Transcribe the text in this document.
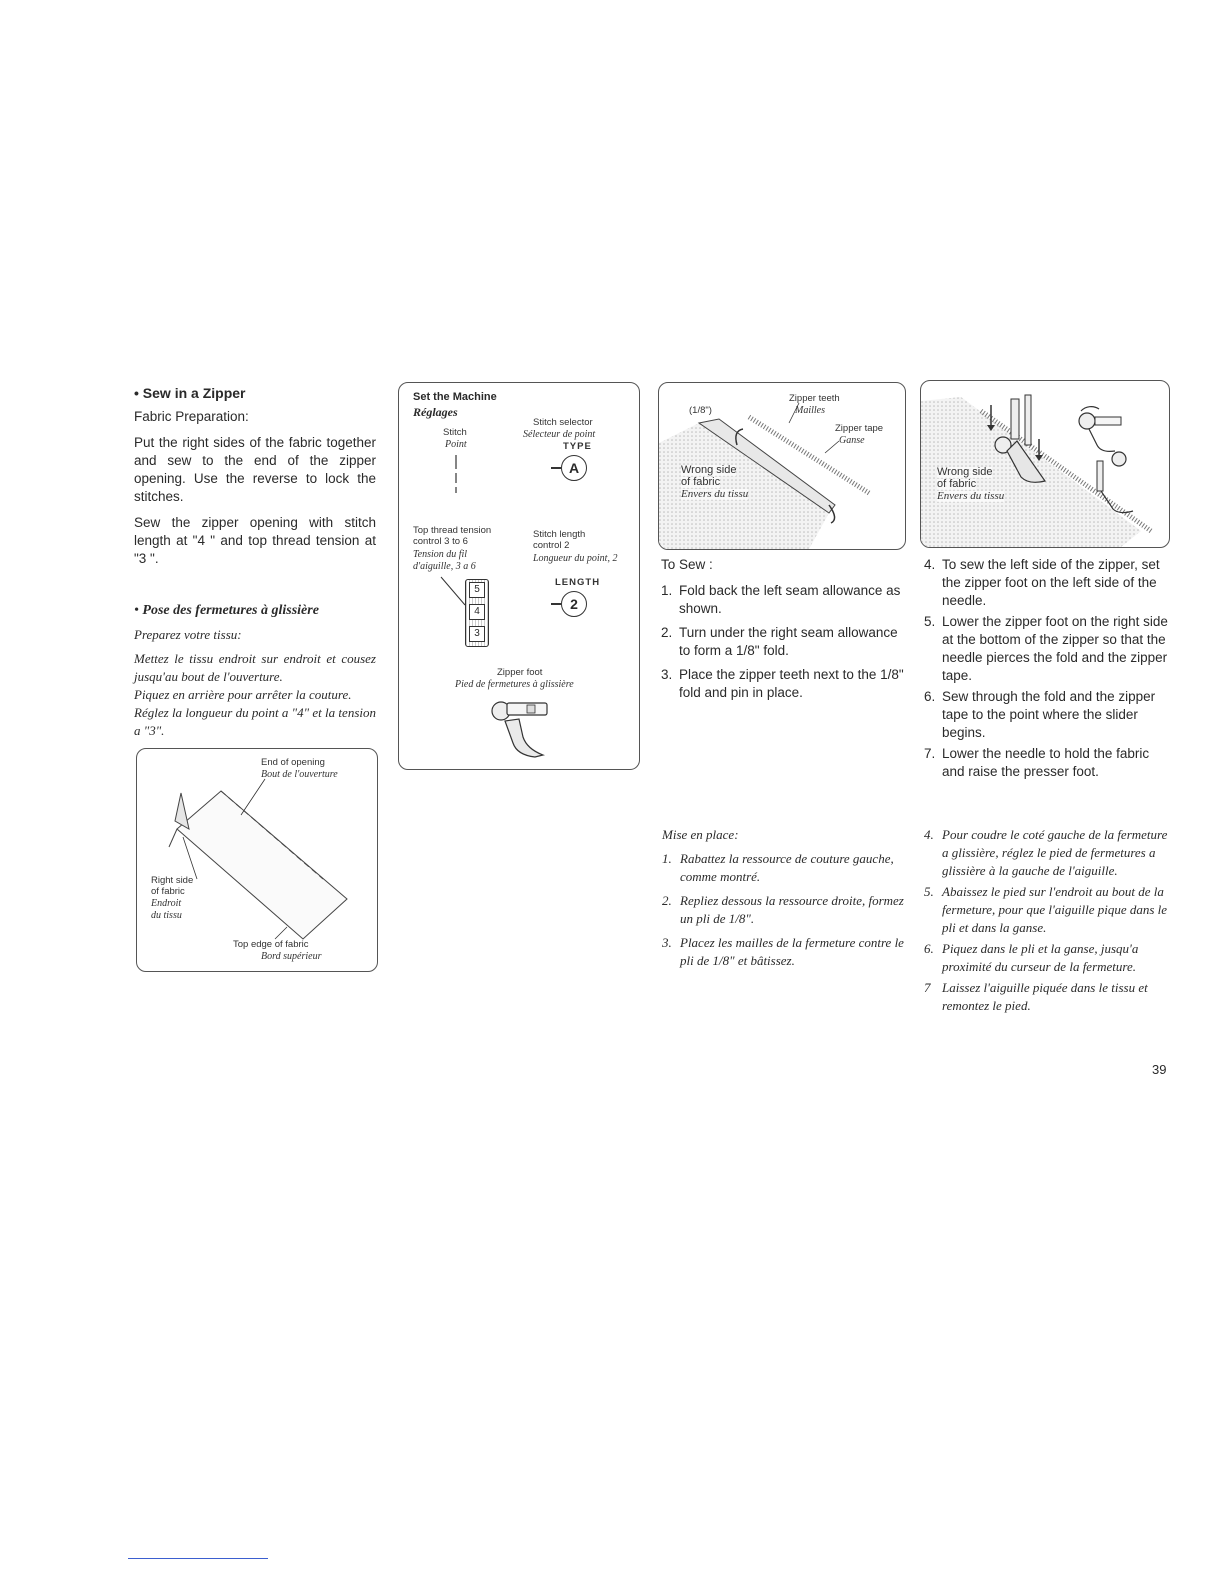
• Sew in a Zipper

Fabric Preparation:

Put the right sides of the fabric together and sew to the end of the zipper opening. Use the reverse to lock the stitches.

Sew the zipper opening with stitch length at "4 " and top thread tension at "3 ".

• Pose des fermetures à glissière

Preparez votre tissu:

Mettez le tissu endroit sur endroit et cousez jusqu'au bout de l'ouverture.

Piquez en arrière pour arrêter la couture.

Réglez la longueur du point a "4" et la tension a "3".

End of opening
Bout de l'ouverture
Right side
of fabric
Endroit
du tissu
Top edge of fabric
Bord supérieur
Set the Machine
Réglages
Stitch
Point
Stitch selector
Sélecteur de point
TYPE
A
Top thread tension control 3 to 6
Tension du fil
d'aiguille, 3 a 6
5
4
3
Stitch length control 2
Longueur du point, 2
LENGTH
2
Zipper foot
Pied de fermetures à glissière
(1/8")
Zipper teeth
Mailles
Zipper tape
Ganse
Wrong side
of fabric
Envers du tissu

To Sew :

1. Fold back the left seam allowance as shown.
2. Turn under the right seam allowance to form a 1/8" fold.
3. Place the zipper teeth next to the 1/8" fold and pin in place.

Mise en place:

1. Rabattez la ressource de couture gauche, comme montré.
2. Repliez dessous la ressource droite, formez un pli de 1/8".
3. Placez les mailles de la fermeture contre le pli de 1/8" et bâtissez.
Wrong side
of fabric
Envers du tissu
4. To sew the left side of the zipper, set the zipper foot on the left side of the needle.
5. Lower the zipper foot on the right side at the bottom of the zipper so that the needle pierces the fold and the zipper tape.
6. Sew through the fold and the zipper tape to the point where the slider begins.
7. Lower the needle to hold the fabric and raise the presser foot.
4. Pour coudre le coté gauche de la fermeture a glissière, réglez le pied de fermetures a glissière à la gauche de l'aiguille.
5. Abaissez le pied sur l'endroit au bout de la fermeture, pour que l'aiguille pique dans le pli et dans la ganse.
6. Piquez dans le pli et la ganse, jusqu'a proximité du curseur de la fermeture.
7 Laissez l'aiguille piquée dans le tissu et remontez le pied.
39
